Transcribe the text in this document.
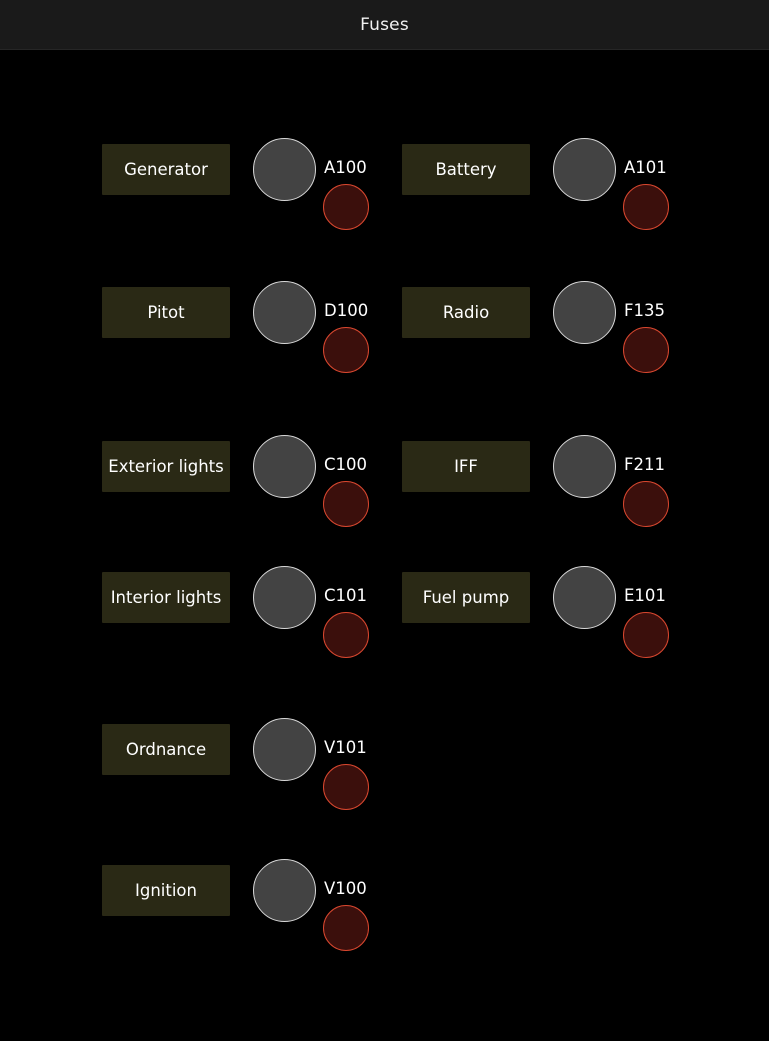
Fuses
Generator	A100	Battery	A101
Pitot	D100	Radio	F135
Exterior lights	C100	IFF	F211
Interior lights	C101	Fuel pump	E101
Ordnance	V101
Ignition	V100
